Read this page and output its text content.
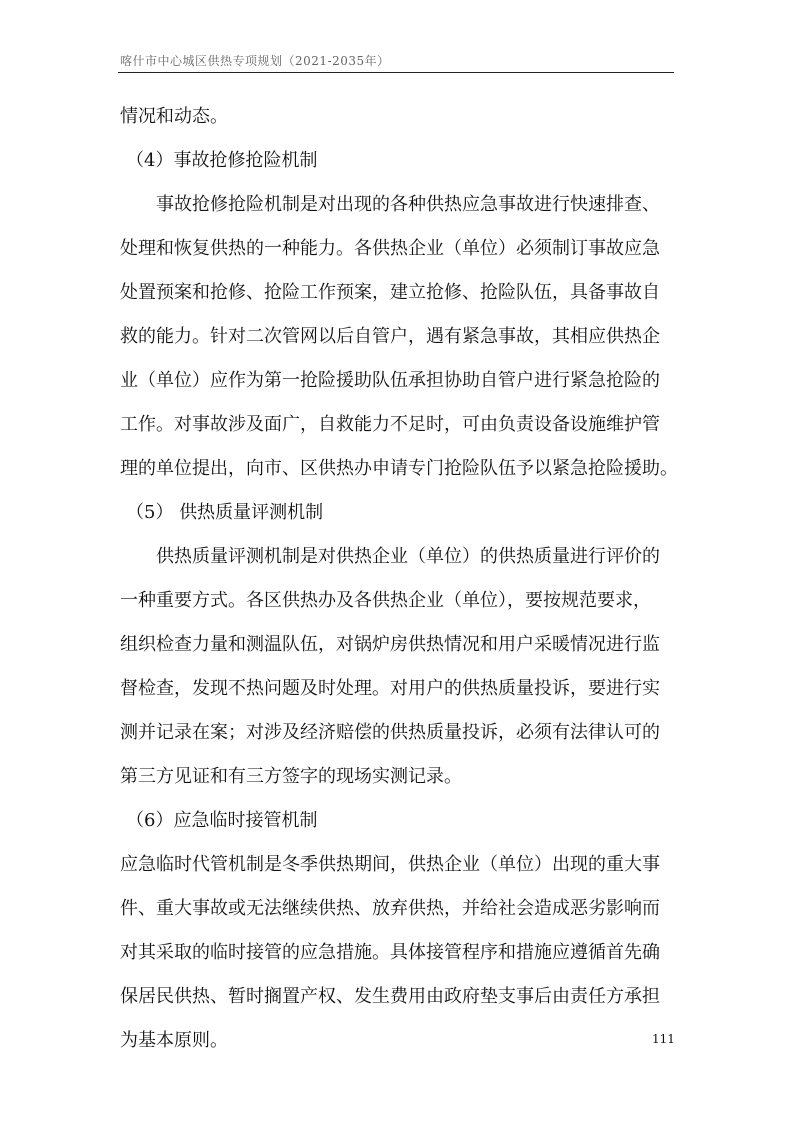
喀什市中心城区供热专项规划（2021-2035年）
情况和动态。
（4）事故抢修抢险机制
事故抢修抢险机制是对出现的各种供热应急事故进行快速排查、
处理和恢复供热的一种能力。各供热企业（单位）必须制订事故应急
处置预案和抢修、抢险工作预案，建立抢修、抢险队伍，具备事故自
救的能力。针对二次管网以后自管户，遇有紧急事故，其相应供热企
业（单位）应作为第一抢险援助队伍承担协助自管户进行紧急抢险的
工作。对事故涉及面广，自救能力不足时，可由负责设备设施维护管
理的单位提出，向市、区供热办申请专门抢险队伍予以紧急抢险援助。
（5） 供热质量评测机制
供热质量评测机制是对供热企业（单位）的供热质量进行评价的
一种重要方式。各区供热办及各供热企业（单位），要按规范要求，
组织检查力量和测温队伍，对锅炉房供热情况和用户采暖情况进行监
督检查，发现不热问题及时处理。对用户的供热质量投诉，要进行实
测并记录在案；对涉及经济赔偿的供热质量投诉，必须有法律认可的
第三方见证和有三方签字的现场实测记录。
（6）应急临时接管机制
应急临时代管机制是冬季供热期间，供热企业（单位）出现的重大事
件、重大事故或无法继续供热、放弃供热，并给社会造成恶劣影响而
对其采取的临时接管的应急措施。具体接管程序和措施应遵循首先确
保居民供热、暂时搁置产权、发生费用由政府垫支事后由责任方承担
为基本原则。	111
